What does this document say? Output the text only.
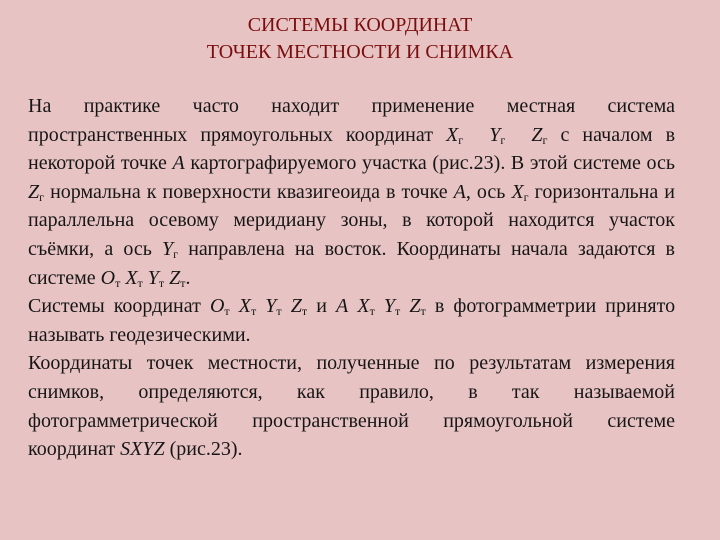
СИСТЕМЫ КООРДИНАТ
ТОЧЕК МЕСТНОСТИ И СНИМКА

На практике часто находит применение местная система пространственных прямоугольных координат $X_г$ $Y_г$ $Z_г$ с началом в некоторой точке A картографируемого участка (рис.23). В этой системе ось $Z_г$ нормальна к поверхности квазигеоида в точке A, ось $X_г$ горизонтальна и параллельна осевому меридиану зоны, в которой находится участок съёмки, а ось $Y_г$ направлена на восток. Координаты начала задаются в системе $O_т$ $X_т$ $Y_т$ $Z_т$.

Системы координат $O_т$ $X_т$ $Y_т$ $Z_т$ и A $X_т$ $Y_т$ $Z_т$ в фотограмметрии принято называть геодезическими.

Координаты точек местности, полученные по результатам измерения снимков, определяются, как правило, в так называемой фотограмметрической пространственной прямоугольной системе координат SXYZ (рис.23).
